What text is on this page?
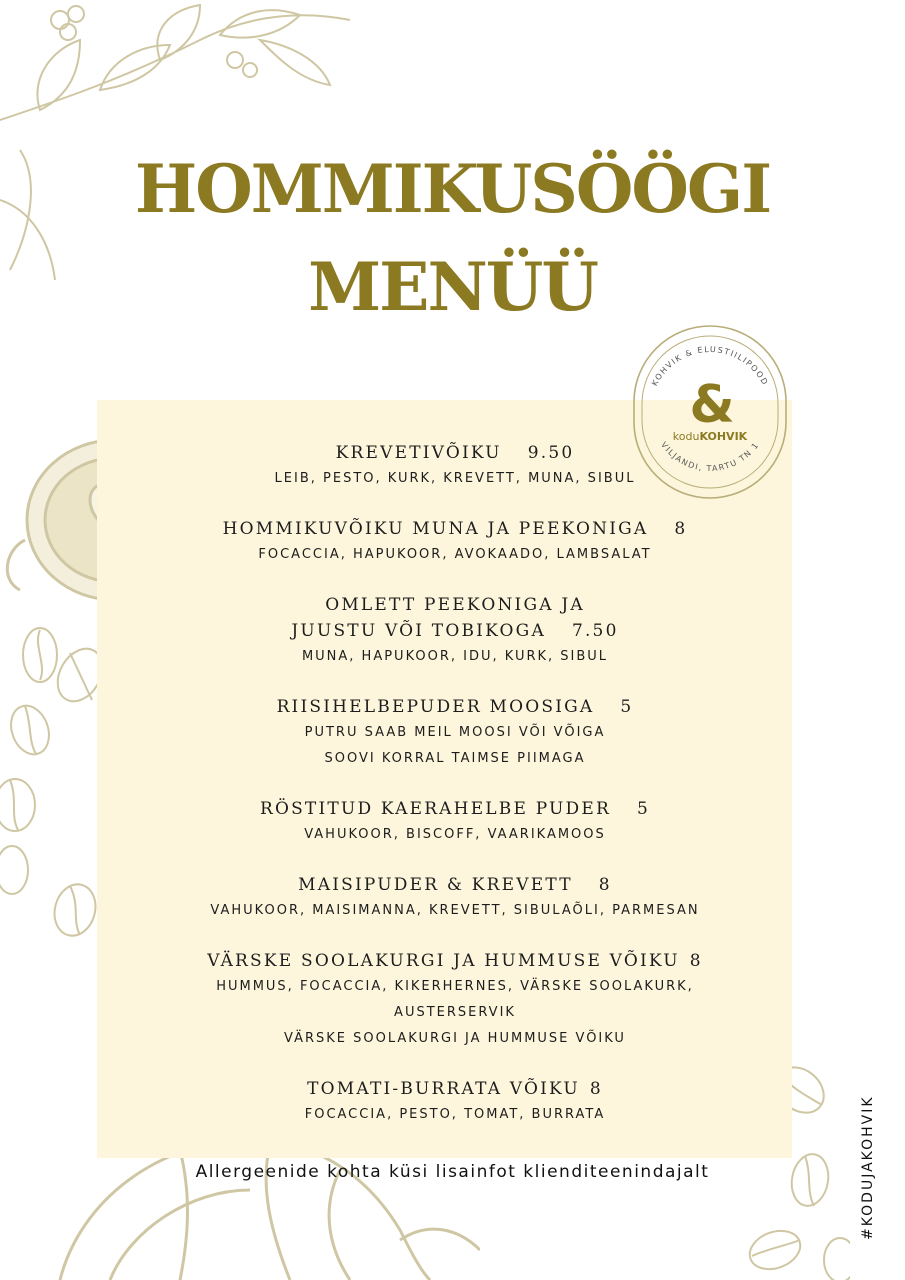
HOMMIKUSÖÖGI
MENÜÜ
KOHVIK & ELUSTIILIPOOD
VILJANDI, TARTU TN 1
&
koduKOHVIK
KREVETIVÕIKU 9.50
LEIB, PESTO, KURK, KREVETT, MUNA, SIBUL
HOMMIKUVÕIKU MUNA JA PEEKONIGA 8
FOCACCIA, HAPUKOOR, AVOKAADO, LAMBSALAT
OMLETT PEEKONIGA JA
JUUSTU VÕI TOBIKOGA 7.50
MUNA, HAPUKOOR, IDU, KURK, SIBUL
RIISIHELBEPUDER MOOSIGA 5
PUTRU SAAB MEIL MOOSI VÕI VÕIGA
SOOVI KORRAL TAIMSE PIIMAGA
RÖSTITUD KAERAHELBE PUDER 5
VAHUKOOR, BISCOFF, VAARIKAMOOS
MAISIPUDER & KREVETT 8
VAHUKOOR, MAISIMANNA, KREVETT, SIBULAÕLI, PARMESAN
VÄRSKE SOOLAKURGI JA HUMMUSE VÕIKU 8
HUMMUS, FOCACCIA, KIKERHERNES, VÄRSKE SOOLAKURK,
AUSTERSERVIK
VÄRSKE SOOLAKURGI JA HUMMUSE VÕIKU
TOMATI-BURRATA VÕIKU 8
FOCACCIA, PESTO, TOMAT, BURRATA
Allergeenide kohta küsi lisainfot klienditeenindajalt	#KODUJAKOHVIK
